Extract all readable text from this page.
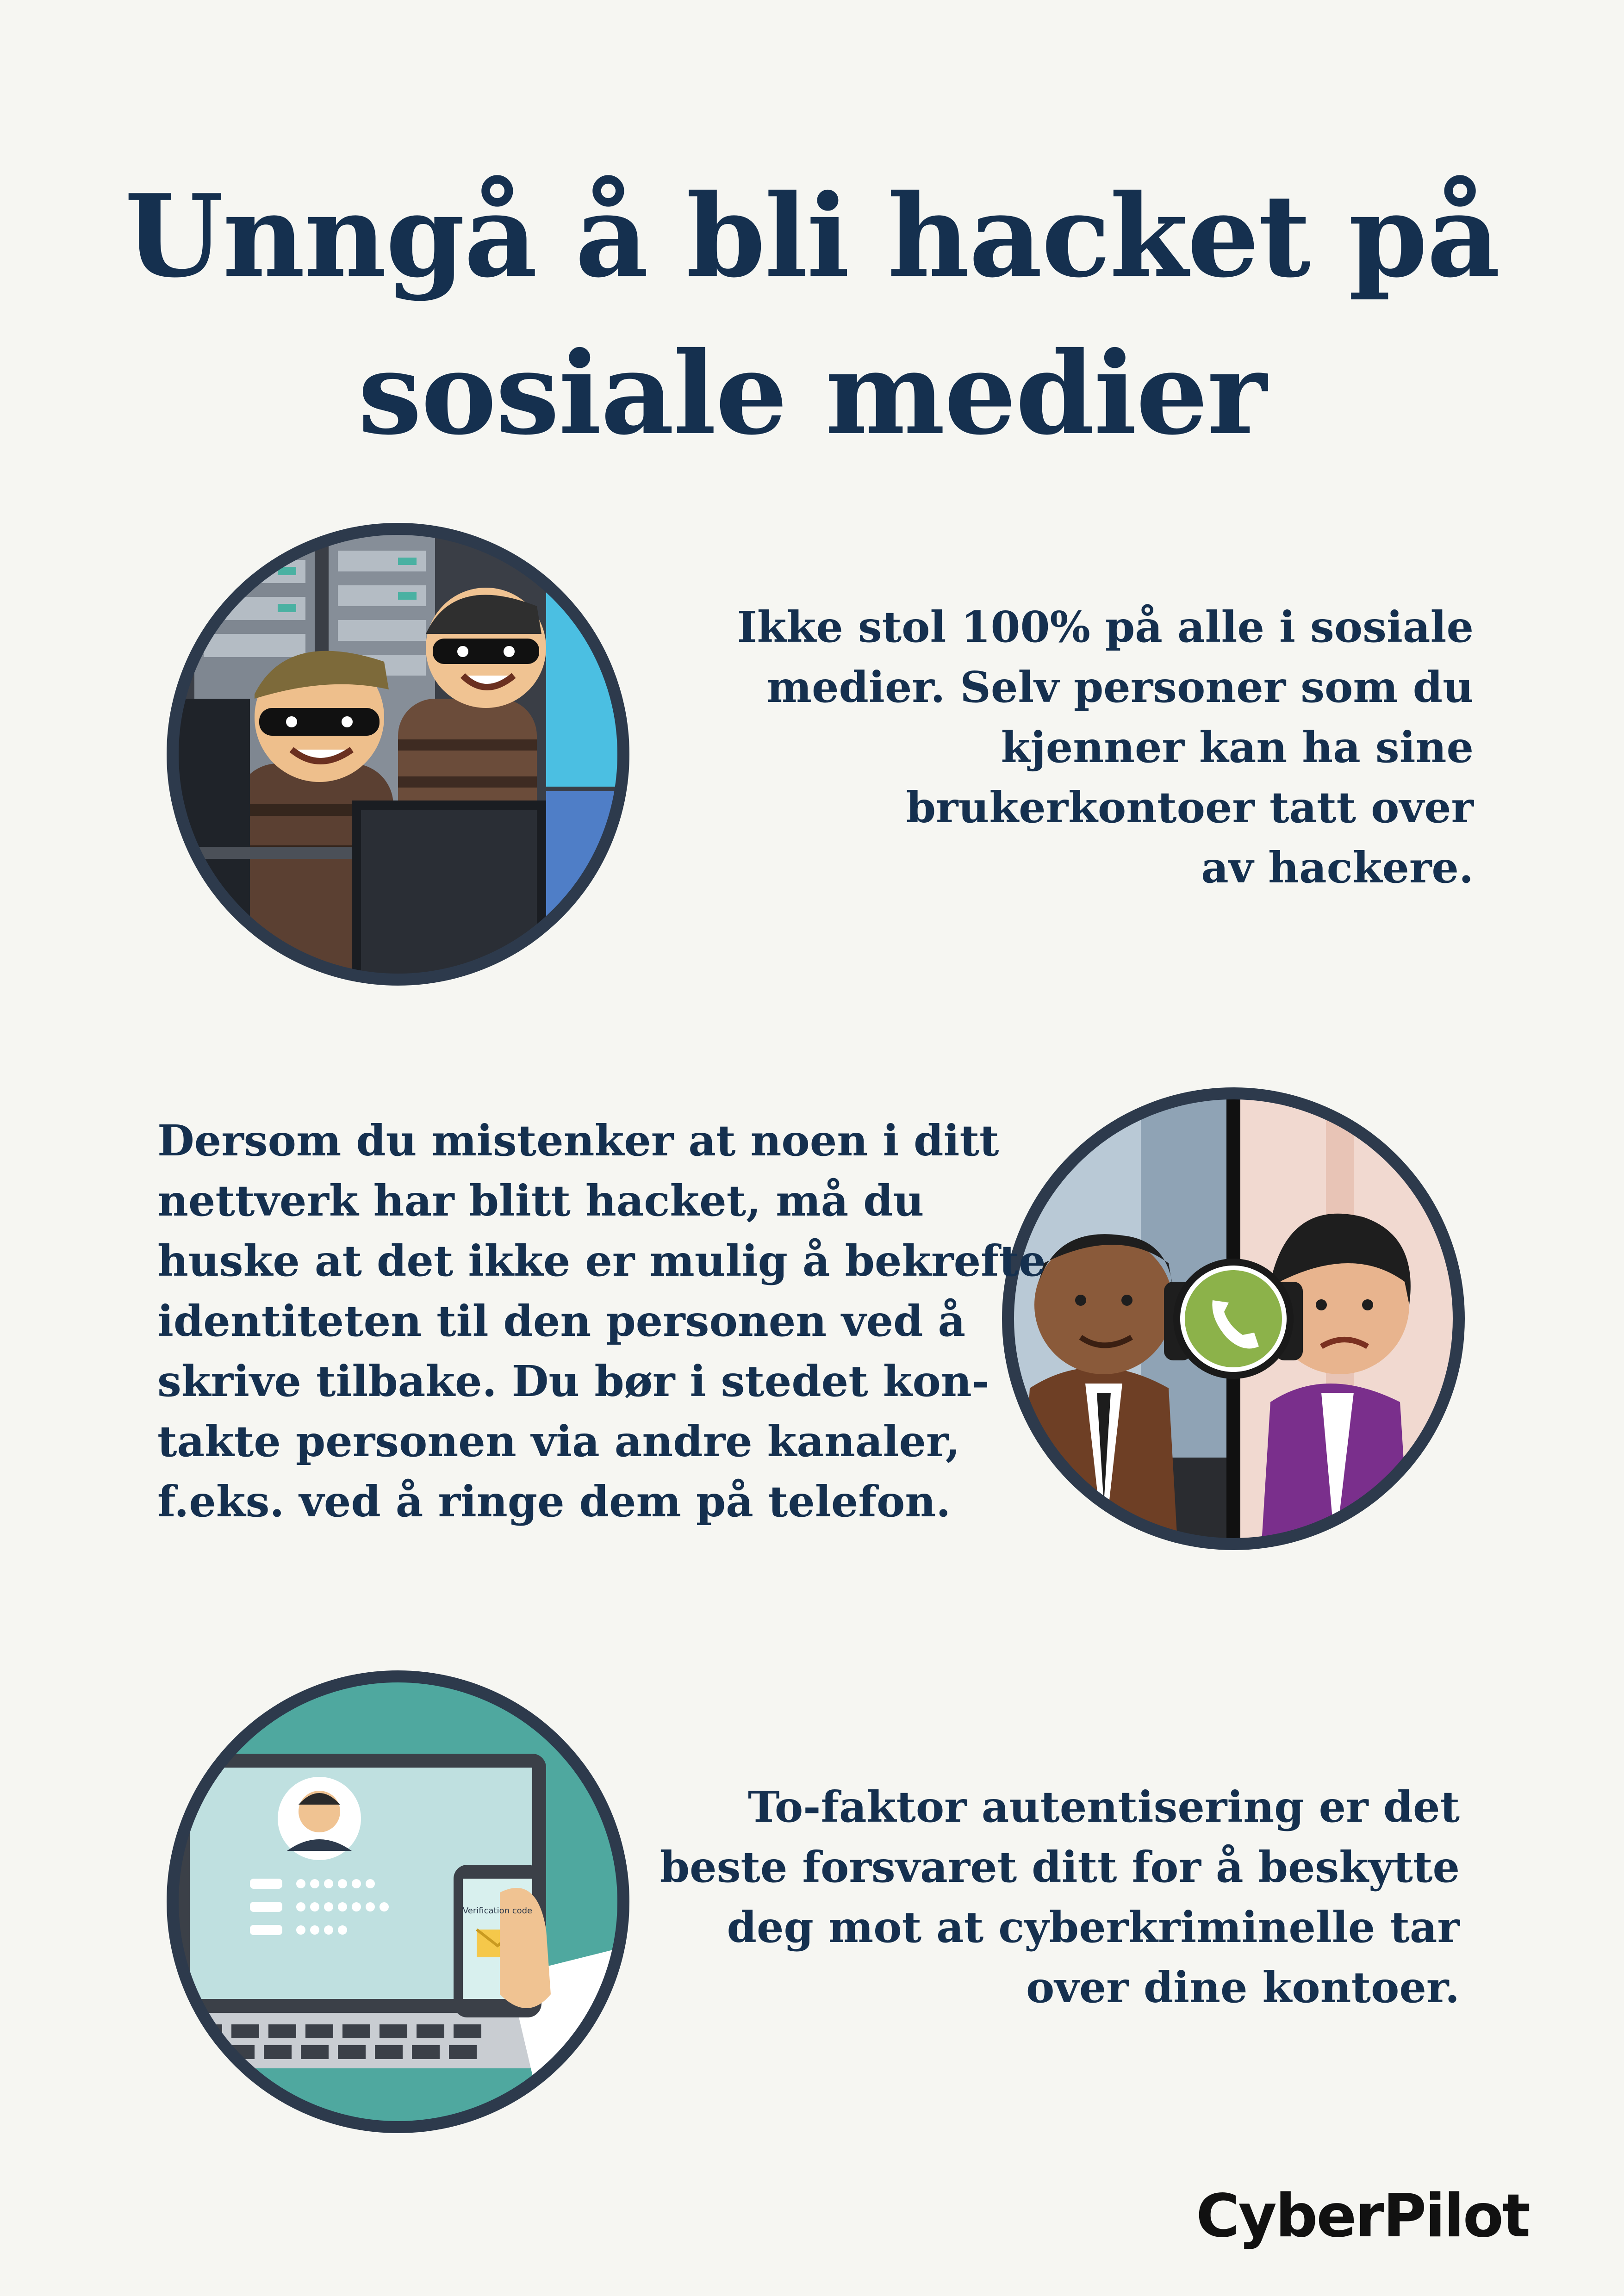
Unngå å bli hacket på
sosiale medier
Verification code

Ikke stol 100% på alle i sosiale
medier. Selv personer som du
kjenner kan ha sine
brukerkontoer tatt over
av hackere.

Dersom du mistenker at noen i ditt
nettverk har blitt hacket, må du
huske at det ikke er mulig å bekrefte
identiteten til den personen ved å
skrive tilbake. Du bør i stedet kon-
takte personen via andre kanaler,
f.eks. ved å ringe dem på telefon.

To-faktor autentisering er det
beste forsvaret ditt for å beskytte
deg mot at cyberkriminelle tar
over dine kontoer.

CyberPilot
